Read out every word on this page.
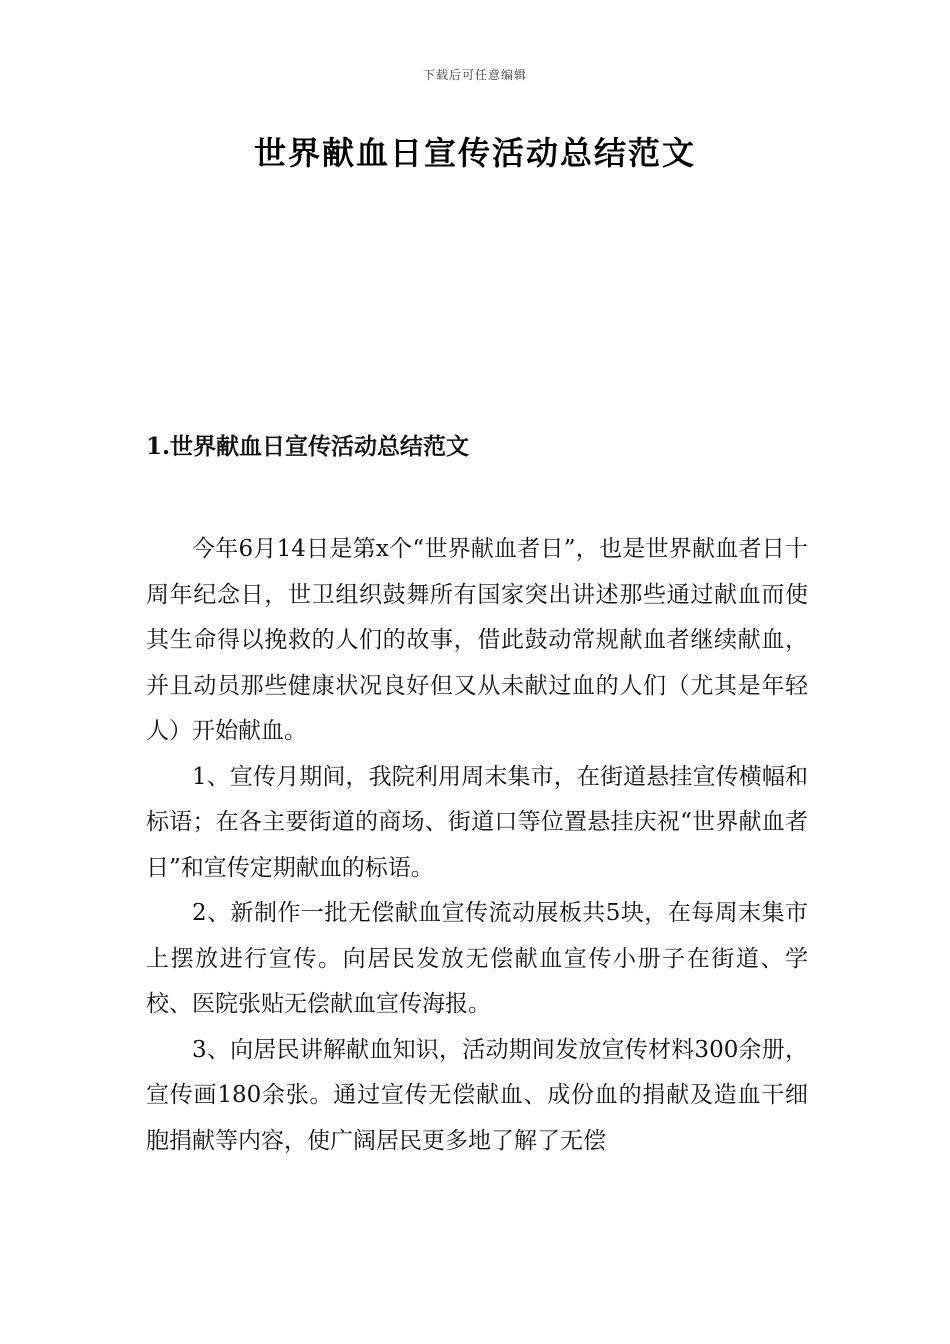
下载后可任意编辑
世界献血日宣传活动总结范文
1.世界献血日宣传活动总结范文

今年6月14日是第x个“世界献血者日”，也是世界献血者日十周年纪念日，世卫组织鼓舞所有国家突出讲述那些通过献血而使其生命得以挽救的人们的故事，借此鼓动常规献血者继续献血，并且动员那些健康状况良好但又从未献过血的人们（尤其是年轻人）开始献血。

1、宣传月期间，我院利用周末集市，在街道悬挂宣传横幅和标语；在各主要街道的商场、街道口等位置悬挂庆祝“世界献血者日”和宣传定期献血的标语。

2、新制作一批无偿献血宣传流动展板共5块，在每周末集市上摆放进行宣传。向居民发放无偿献血宣传小册子在街道、学校、医院张贴无偿献血宣传海报。

3、向居民讲解献血知识，活动期间发放宣传材料300余册，宣传画180余张。通过宣传无偿献血、成份血的捐献及造血干细胞捐献等内容，使广阔居民更多地了解了无偿
